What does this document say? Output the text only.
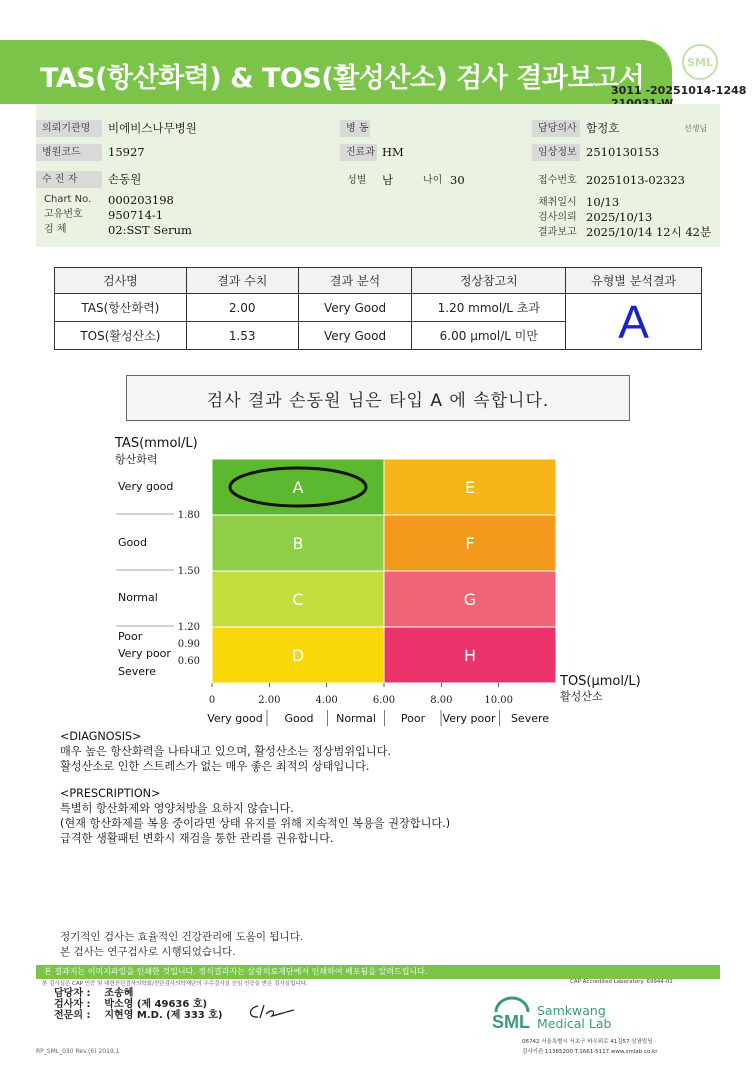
TAS(항산화력) & TOS(활성산소) 검사 결과보고서
SML
3011 -20251014-1248

의뢰기관명	비에비스나무병원
병원코드	15927
수 진 자	손동원
Chart No. 000203198
고유번호 950714-1
검 체	02:SST Serum
병 동
진료과 HM
성별 남	나이 30
담당의사 함정호	선생님
임상정보 2510130153
접수번호 20251013-02323
채취일시 10/13
검사의뢰 2025/10/13
결과보고 2025/10/14 12시 42분
검사명	결과 수치	결과 분석	정상참고치	유형별 분석결과
TAS(항산화력)	2.00	Very Good	1.20 mmol/L 초과	A
TOS(활성산소)	1.53	Very Good	6.00 μmol/L 미만	
검사 결과 손동원 님은 타입 A 에 속합니다.
A
B
C
D
E
F
G
H
TAS(mmol/L)
항산화력
1.80
1.50
1.20
0.90
0.60
Very good
Good
Normal
Poor
Very poor
Severe
0	2.00	4.00	6.00	8.00	10.00
Very good Good Normal Poor Very poor Severe
TOS(μmol/L)
활성산소
<DIAGNOSIS>
매우 높은 항산화력을 나타내고 있으며, 활성산소는 정상범위입니다.
활성산소로 인한 스트레스가 없는 매우 좋은 최적의 상태입니다.
<PRESCRIPTION>
특별히 항산화제와 영양처방을 요하지 않습니다.
(현재 항산화제를 복용 중이라면 상태 유지를 위해 지속적인 복용을 권장합니다.)
급격한 생활패턴 변화시 재검을 통한 관리를 권유합니다.
정기적인 검사는 효율적인 건강관리에 도움이 됩니다.
본 검사는 연구검사로 시행되었습니다.
본 결과지는 이미지파일을 인쇄한 것입니다. 정식결과지는 삼광의료재단에서 인쇄하여 배포됨을 알려드립니다.
본 검사실은 CAP 인증 및 대한진단검사의학회/진단검사의학재단의 우수검사실 신임 인증을 받은 검사실입니다.	CAP Accredited Laboratory. 69944-01
담당자 :    조송혜
검사자 :    박소영 (제 49636 호)
전문의 :    지현영 M.D. (제 333 호)	SML
Samkwang
Medical Lab
06742 서울특별시 서초구 바우뫼로 41길57 삼광빌딩
검사기관 11365200 T.1661-5117 www.smlab.co.kr
RP_SML_030 Rev.(6) 2019.1
